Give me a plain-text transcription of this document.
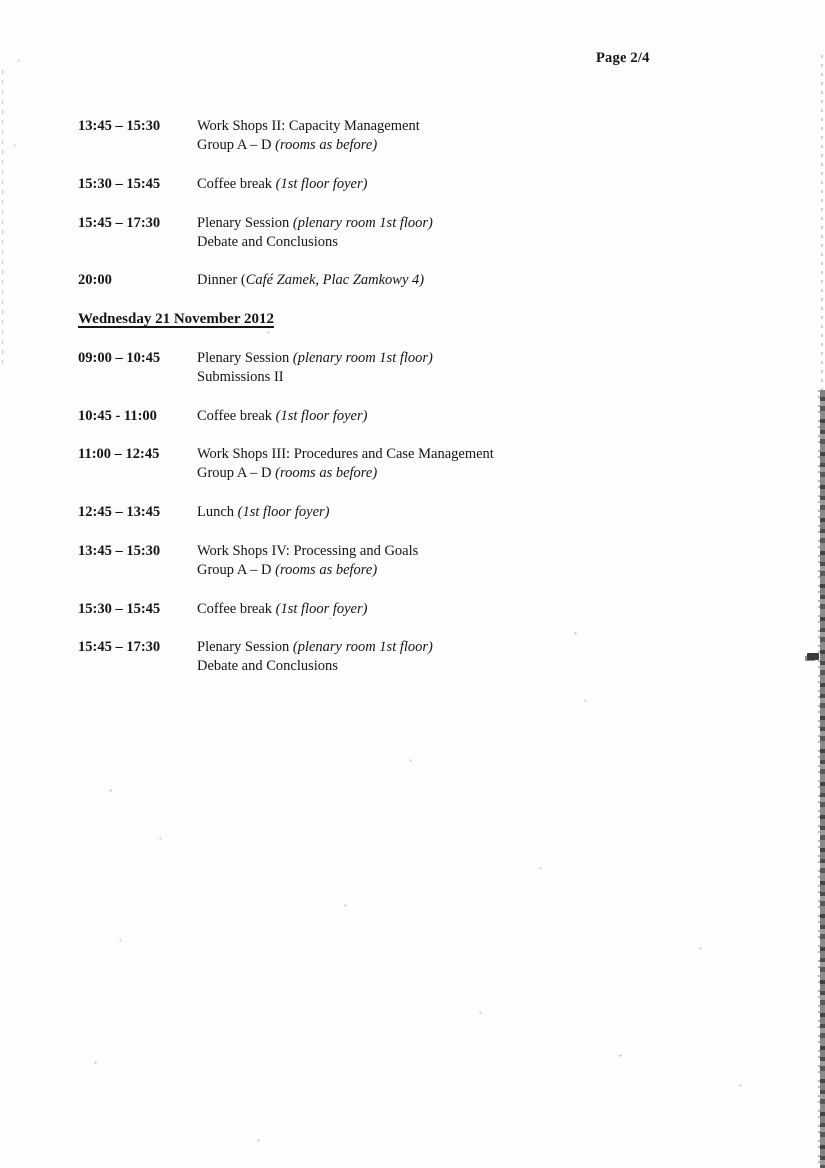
Page 2/4
13:45 – 15:30	Work Shops II: Capacity Management
Group A – D (rooms as before)
15:30 – 15:45	Coffee break (1st floor foyer)
15:45 – 17:30	Plenary Session (plenary room 1st floor)
Debate and Conclusions
20:00	Dinner (Café Zamek, Plac Zamkowy 4)
Wednesday 21 November 2012
09:00 – 10:45	Plenary Session (plenary room 1st floor)
Submissions II
10:45 - 11:00	Coffee break (1st floor foyer)
11:00 – 12:45	Work Shops III: Procedures and Case Management
Group A – D (rooms as before)
12:45 – 13:45	Lunch (1st floor foyer)
13:45 – 15:30	Work Shops IV: Processing and Goals
Group A – D (rooms as before)
15:30 – 15:45	Coffee break (1st floor foyer)
15:45 – 17:30	Plenary Session (plenary room 1st floor)
Debate and Conclusions
